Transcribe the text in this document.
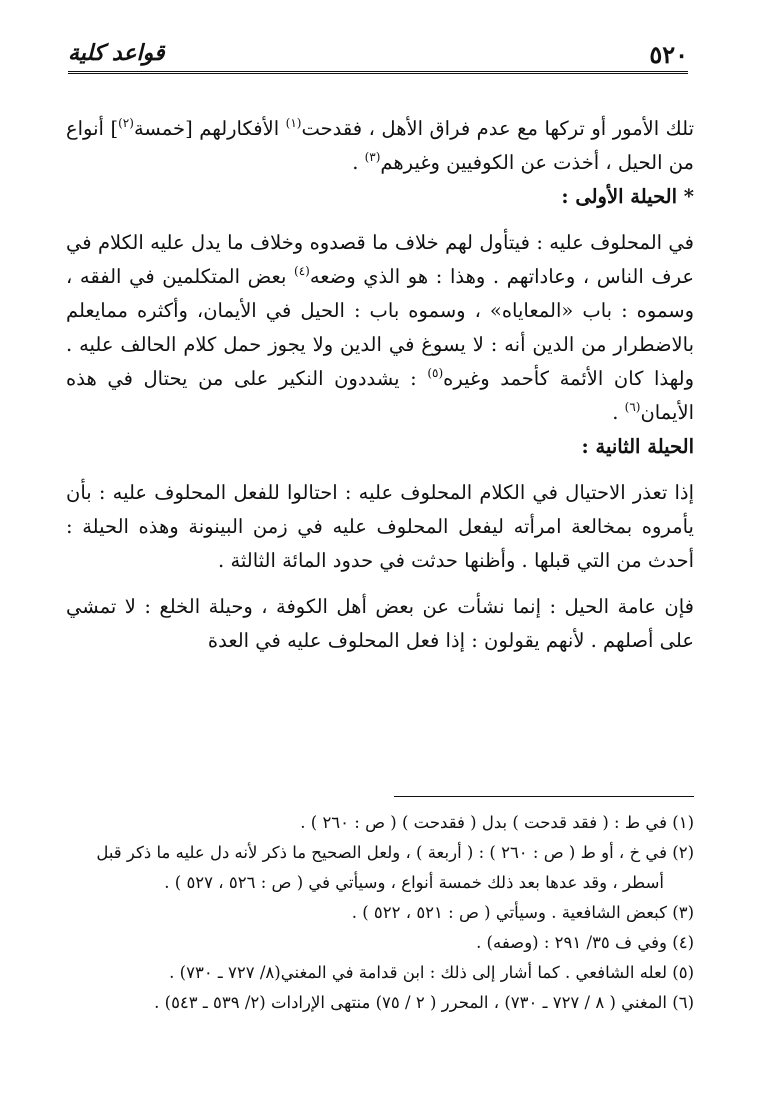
٥٢٠
قواعد كلية

تلك الأمور أو تركها مع عدم فراق الأهل ، فقدحت$^{(١)}$ الأفكارلهم [خمسة$^{(٢)}$] أنواع من الحيل ، أخذت عن الكوفيين وغيرهم$^{(٣)}$ .

* الحيلة الأولى :

في المحلوف عليه : فيتأول لهم خلاف ما قصدوه وخلاف ما يدل عليه الكلام في عرف الناس ، وعاداتهم . وهذا : هو الذي وضعه$^{(٤)}$ بعض المتكلمين في الفقه ، وسموه : باب «المعاياه» ، وسموه باب : الحيل في الأيمان، وأكثره ممايعلم بالاضطرار من الدين أنه : لا يسوغ في الدين ولا يجوز حمل كلام الحالف عليه . ولهذا كان الأئمة كأحمد وغيره$^{(٥)}$ : يشددون النكير على من يحتال في هذه الأيمان$^{(٦)}$ .

الحيلة الثانية :

إذا تعذر الاحتيال في الكلام المحلوف عليه : احتالوا للفعل المحلوف عليه : بأن يأمروه بمخالعة امرأته ليفعل المحلوف عليه في زمن البينونة وهذه الحيلة : أحدث من التي قبلها . وأظنها حدثت في حدود المائة الثالثة .

فإن عامة الحيل : إنما نشأت عن بعض أهل الكوفة ، وحيلة الخلع : لا تمشي على أصلهم . لأنهم يقولون : إذا فعل المحلوف عليه في العدة

(١) في ط : ( فقد قدحت ) بدل ( فقدحت ) ( ص : ٢٦٠ ) .

(٢) في خ ، أو ط ( ص : ٢٦٠ ) : ( أربعة ) ، ولعل الصحيح ما ذكر لأنه دل عليه ما ذكر قبل

أسطر ، وقد عدها بعد ذلك خمسة أنواع ، وسيأتي في ( ص : ٥٢٦ ، ٥٢٧ ) .

(٣) كبعض الشافعية . وسيأتي ( ص : ٥٢١ ، ٥٢٢ ) .

(٤) وفي ف ٣٥/ ٢٩١ : (وصفه) .

(٥) لعله الشافعي . كما أشار إلى ذلك : ابن قدامة في المغني(٨/ ٧٢٧ ـ ٧٣٠) .

(٦) المغني ( ٨ / ٧٢٧ ـ ٧٣٠) ، المحرر ( ٢ / ٧٥) منتهى الإرادات (٢/ ٥٣٩ ـ ٥٤٣) .
